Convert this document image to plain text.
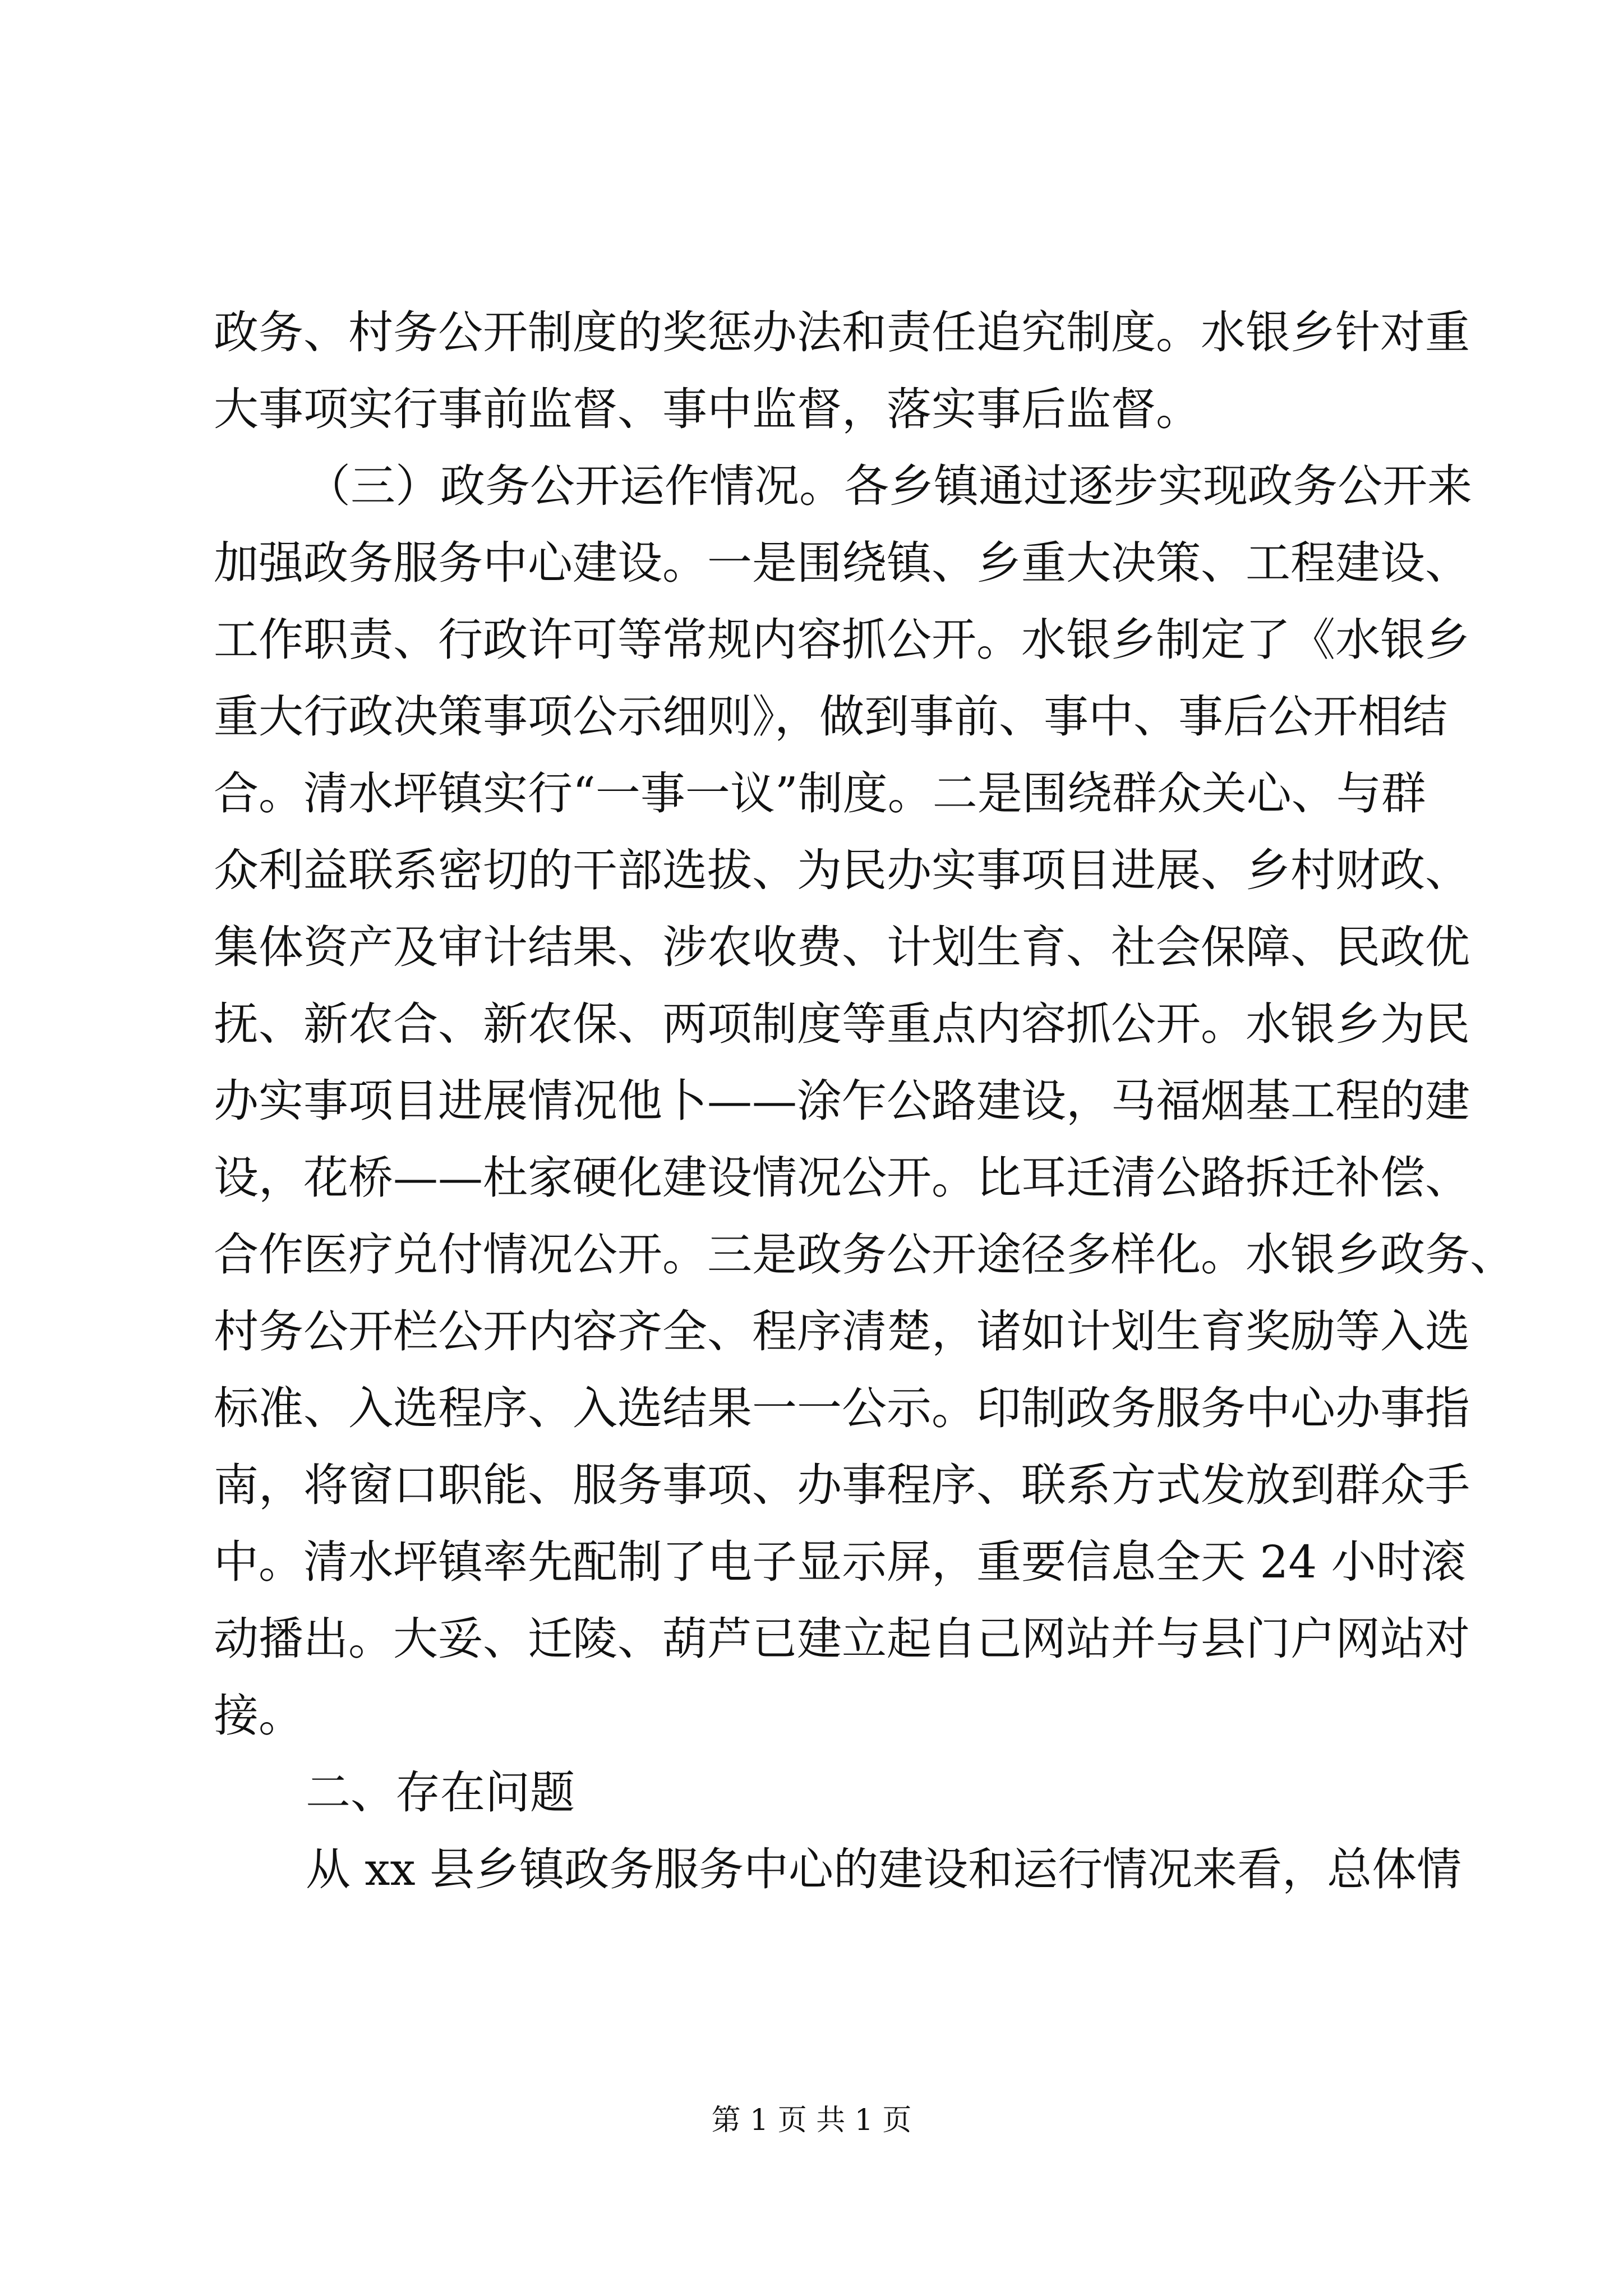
政务、村务公开制度的奖惩办法和责任追究制度。水银乡针对重
大事项实行事前监督、事中监督，落实事后监督。
（三）政务公开运作情况。各乡镇通过逐步实现政务公开来
加强政务服务中心建设。一是围绕镇、乡重大决策、工程建设、
工作职责、行政许可等常规内容抓公开。水银乡制定了《水银乡
重大行政决策事项公示细则》，做到事前、事中、事后公开相结
合。清水坪镇实行“一事一议”制度。二是围绕群众关心、与群
众利益联系密切的干部选拔、为民办实事项目进展、乡村财政、
集体资产及审计结果、涉农收费、计划生育、社会保障、民政优
抚、新农合、新农保、两项制度等重点内容抓公开。水银乡为民
办实事项目进展情况他卜——涂乍公路建设，马福烟基工程的建
设，花桥——杜家硬化建设情况公开。比耳迁清公路拆迁补偿、
合作医疗兑付情况公开。三是政务公开途径多样化。水银乡政务、
村务公开栏公开内容齐全、程序清楚，诸如计划生育奖励等入选
标准、入选程序、入选结果一一公示。印制政务服务中心办事指
南，将窗口职能、服务事项、办事程序、联系方式发放到群众手
中。清水坪镇率先配制了电子显示屏，重要信息全天 24 小时滚
动播出。大妥、迁陵、葫芦已建立起自己网站并与县门户网站对
接。
二、存在问题
从 xx 县乡镇政务服务中心的建设和运行情况来看，总体情
第 1 页 共 1 页
